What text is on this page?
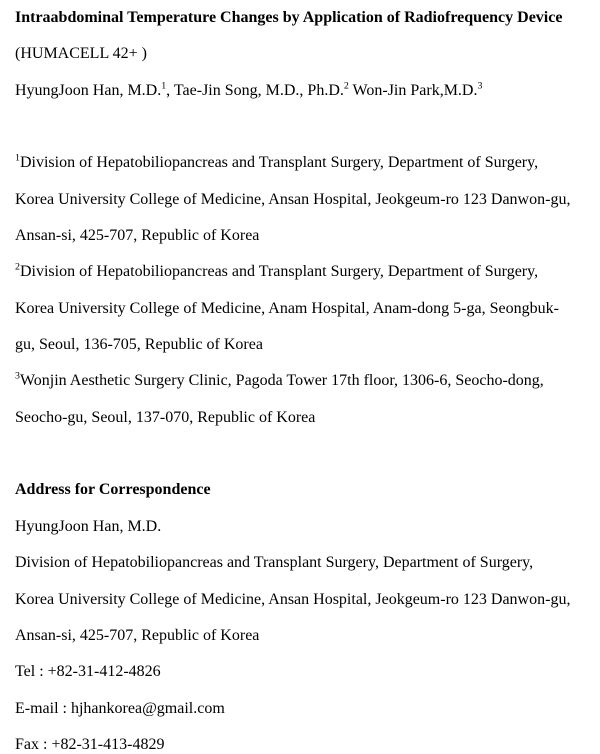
Intraabdominal Temperature Changes by Application of Radiofrequency Device
(HUMACELL 42+ )
HyungJoon Han, M.D.$^1$, Tae-Jin Song, M.D., Ph.D.$^2$ Won-Jin Park,M.D.$^3$
$^1$Division of Hepatobiliopancreas and Transplant Surgery, Department of Surgery,
Korea University College of Medicine, Ansan Hospital, Jeokgeum-ro 123 Danwon-gu,
Ansan-si, 425-707, Republic of Korea
$^2$Division of Hepatobiliopancreas and Transplant Surgery, Department of Surgery,
Korea University College of Medicine, Anam Hospital, Anam-dong 5-ga, Seongbuk-
gu, Seoul, 136-705, Republic of Korea
$^3$Wonjin Aesthetic Surgery Clinic, Pagoda Tower 17th floor, 1306-6, Seocho-dong,
Seocho-gu, Seoul, 137-070, Republic of Korea
Address for Correspondence
HyungJoon Han, M.D.
Division of Hepatobiliopancreas and Transplant Surgery, Department of Surgery,
Korea University College of Medicine, Ansan Hospital, Jeokgeum-ro 123 Danwon-gu,
Ansan-si, 425-707, Republic of Korea
Tel : +82-31-412-4826
E-mail : hjhankorea@gmail.com
Fax : +82-31-413-4829
